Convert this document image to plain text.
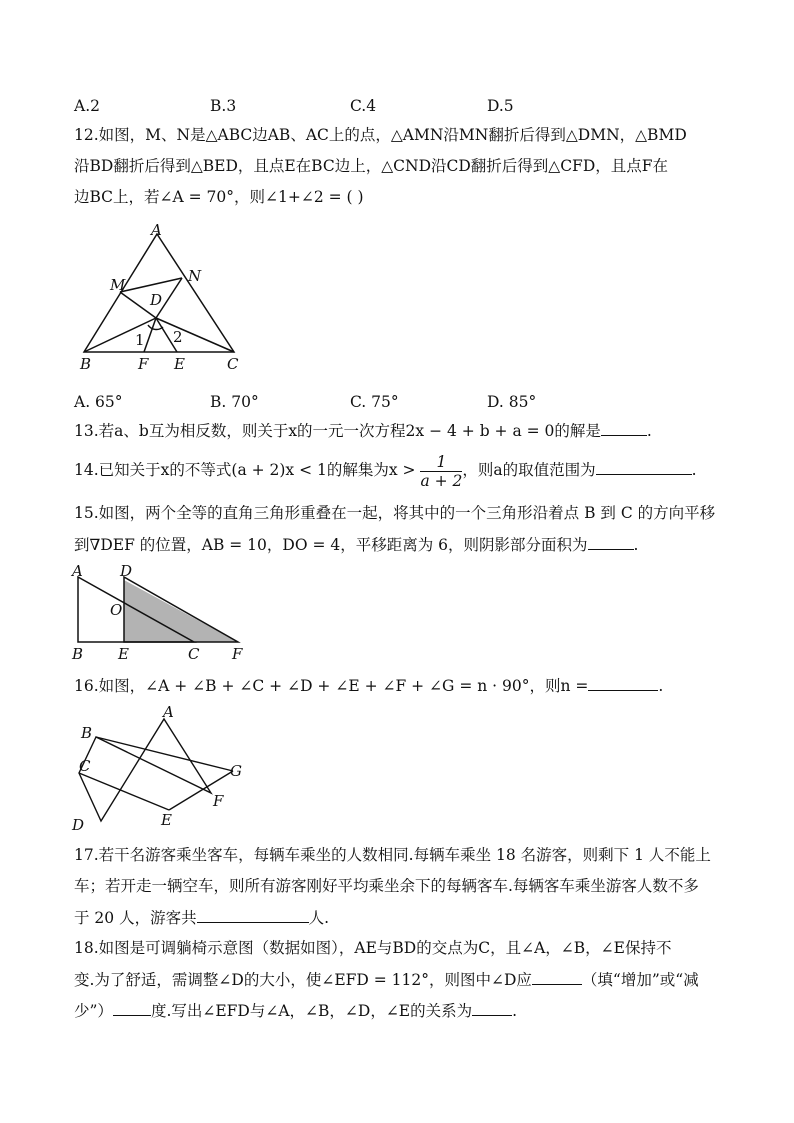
A.2	B.3	C.4	D.5
12.如图，M、N是△ABC边AB、AC上的点，△AMN沿MN翻折后得到△DMN，△BMD
沿BD翻折后得到△BED，且点E在BC边上，△CND沿CD翻折后得到△CFD，且点F在
边BC上，若∠A = 70°，则∠1+∠2 = ( )
A
M	N
D
1 2
B	F E	C
A. 65°	B. 70°	C. 75°	D. 85°
13.若a、b互为相反数，则关于x的一元一次方程2x − 4 + b + a = 0的解是	.
14.已知关于x的不等式(a + 2)x < 1的解集为$x > \frac{1}{a + 2}$ ，则a的取值范围为	.
15.如图，两个全等的直角三角形重叠在一起，将其中的一个三角形沿着点 B 到 C 的方向平移
到∇DEF 的位置，AB = 10，DO = 4，平移距离为 6，则阴影部分面积为	.
A D
O
B E	C F
16.如图，∠A + ∠B + ∠C + ∠D + ∠E + ∠F + ∠G = n · 90°，则n =	.
A
B
C	G
F
E
D
17.若干名游客乘坐客车，每辆车乘坐的人数相同.每辆车乘坐 18 名游客，则剩下 1 人不能上
车；若开走一辆空车，则所有游客刚好平均乘坐余下的每辆客车.每辆客车乘坐游客人数不多
于 20 人，游客共	人.
18.如图是可调躺椅示意图（数据如图），AE与BD的交点为C，且∠A，∠B，∠E保持不
变.为了舒适，需调整∠D的大小，使∠EFD = 112°，则图中∠D应	（填“增加”或“减
少”） 度.写出∠EFD与∠A，∠B，∠D，∠E的关系为	.
